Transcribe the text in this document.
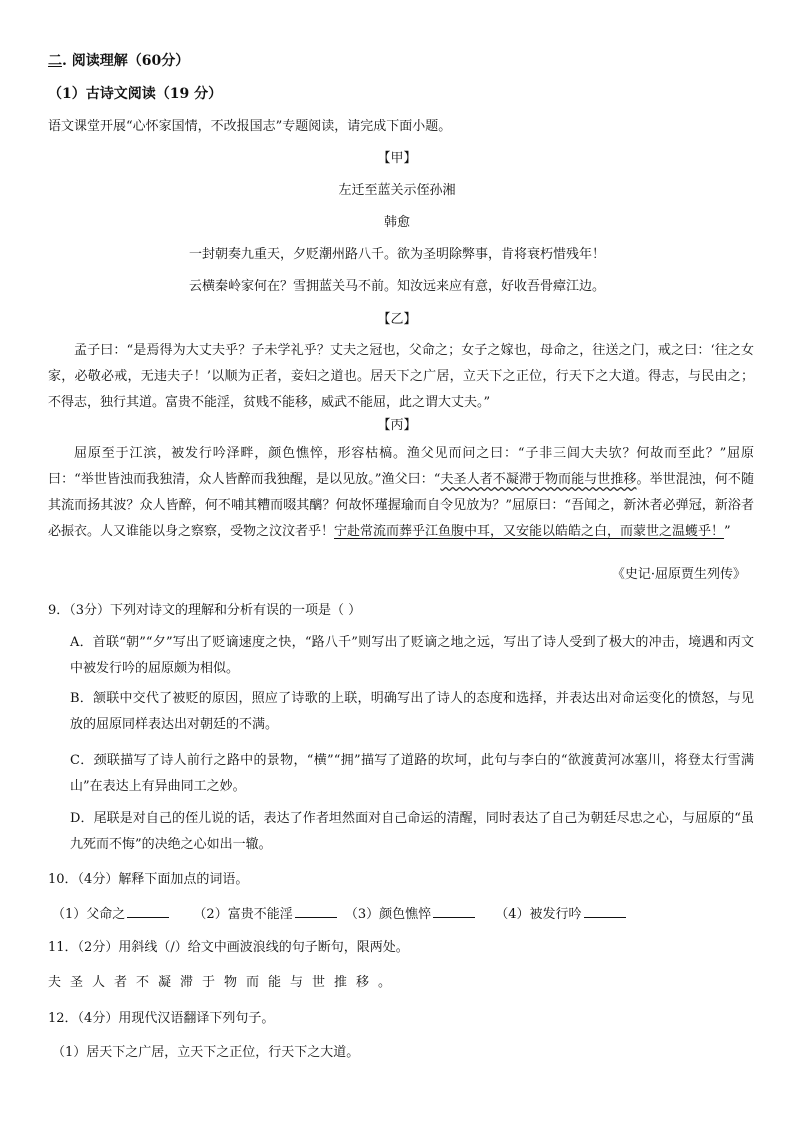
二. 阅读理解（60分）
（1）古诗文阅读（19 分）
语文课堂开展“心怀家国情，不改报国志”专题阅读，请完成下面小题。
【甲】
左迁至蓝关示侄孙湘
韩愈
一封朝奏九重天，夕贬潮州路八千。欲为圣明除弊事，肯将衰朽惜残年！
云横秦岭家何在？雪拥蓝关马不前。知汝远来应有意，好收吾骨瘴江边。
【乙】
孟子曰：“是焉得为大丈夫乎？子未学礼乎？丈夫之冠也，父命之；女子之嫁也，母命之，往送之门，戒之曰：‘往之女家，必敬必戒，无违夫子！’以顺为正者，妾妇之道也。居天下之广居，立天下之正位，行天下之大道。得志，与民由之；不得志，独行其道。富贵不能淫，贫贱不能移，威武不能屈，此之谓大丈夫。”
【丙】
屈原至于江滨，被发行吟泽畔，颜色憔悴，形容枯槁。渔父见而问之曰：“子非三闾大夫欤？何故而至此？”屈原曰：“举世皆浊而我独清，众人皆醉而我独醒，是以见放。”渔父曰：“夫圣人者不凝滞于物而能与世推移。举世混浊，何不随其流而扬其波？众人皆醉，何不哺其糟而啜其醨？何故怀瑾握瑜而自令见放为？”屈原曰：“吾闻之，新沐者必弹冠，新浴者必振衣。人又谁能以身之察察，受物之汶汶者乎！宁赴常流而葬乎江鱼腹中耳，又安能以皓皓之白，而蒙世之温蠖乎！”
《史记·屈原贾生列传》
9．（3分）下列对诗文的理解和分析有误的一项是（ ）
A．首联“朝”“夕”写出了贬谪速度之快，“路八千”则写出了贬谪之地之远，写出了诗人受到了极大的冲击，境遇和丙文中被发行吟的屈原颇为相似。
B．颔联中交代了被贬的原因，照应了诗歌的上联，明确写出了诗人的态度和选择，并表达出对命运变化的愤怒，与见放的屈原同样表达出对朝廷的不满。
C．颈联描写了诗人前行之路中的景物，“横”“拥”描写了道路的坎坷，此句与李白的“欲渡黄河冰塞川，将登太行雪满山”在表达上有异曲同工之妙。
D．尾联是对自己的侄儿说的话，表达了作者坦然面对自己命运的清醒，同时表达了自己为朝廷尽忠之心，与屈原的“虽九死而不悔”的决绝之心如出一辙。
10．（4分）解释下面加点的词语。
（1）父命之	（2）富贵不能淫	（3）颜色憔悴	（4）被发行吟
11．（2分）用斜线（/）给文中画波浪线的句子断句，限两处。
夫圣人者不凝滞于物而能与世推移。
12．（4分）用现代汉语翻译下列句子。
（1）居天下之广居，立天下之正位，行天下之大道。
